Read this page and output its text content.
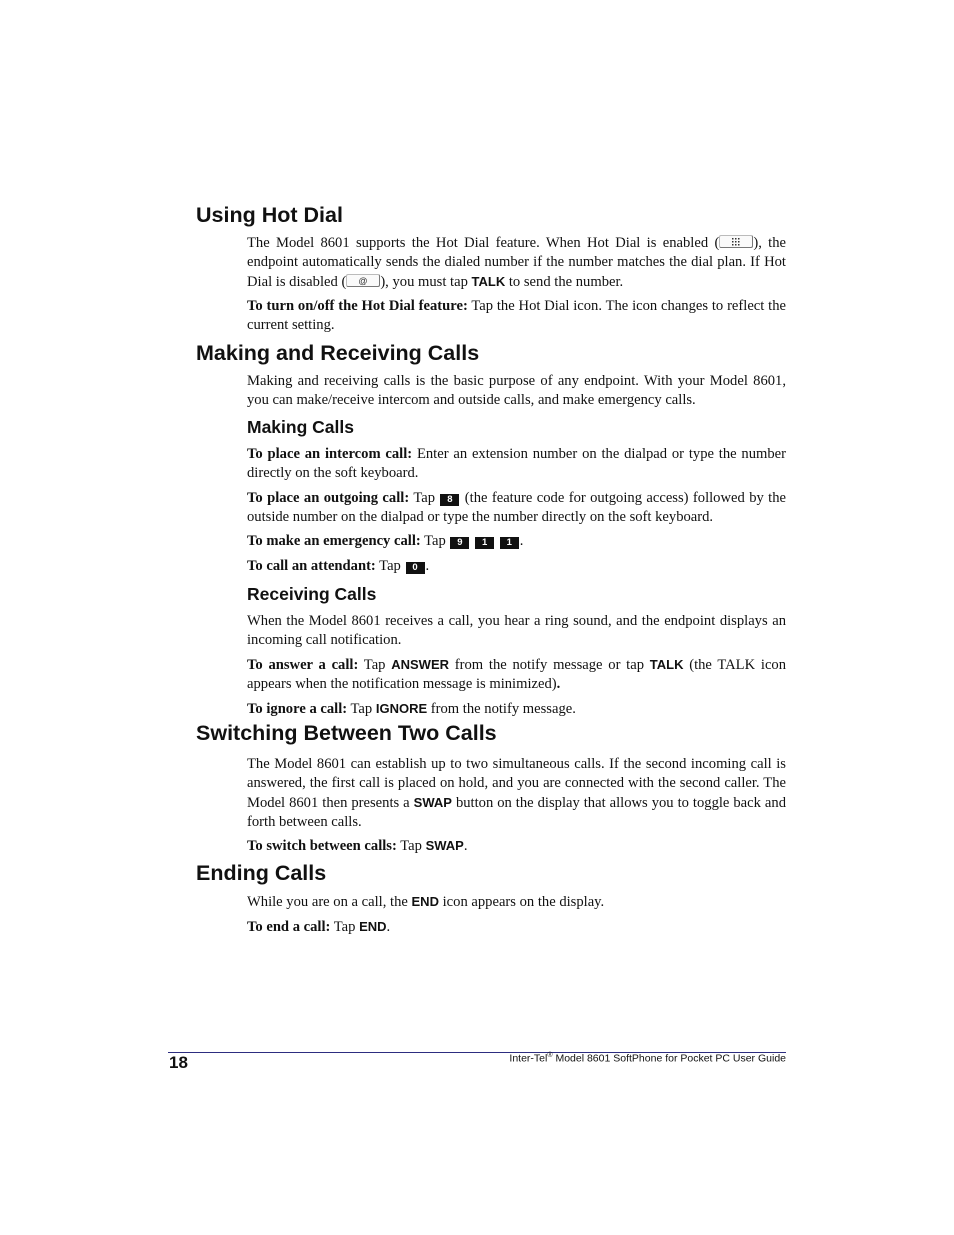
Using Hot Dial

The Model 8601 supports the Hot Dial feature. When Hot Dial is enabled ( ), the endpoint automatically sends the dialed number if the number matches the dial plan. If Hot Dial is disabled ( @ ), you must tap TALK to send the number.

To turn on/off the Hot Dial feature: Tap the Hot Dial icon. The icon changes to reflect the current setting.

Making and Receiving Calls

Making and receiving calls is the basic purpose of any endpoint. With your Model 8601, you can make/receive intercom and outside calls, and make emergency calls.

Making Calls

To place an intercom call: Enter an extension number on the dialpad or type the number directly on the soft keyboard.

To place an outgoing call: Tap 8 (the feature code for outgoing access) followed by the outside number on the dialpad or type the number directly on the soft keyboard.

To make an emergency call: Tap 9 1 1 .

To call an attendant: Tap 0 .

Receiving Calls

When the Model 8601 receives a call, you hear a ring sound, and the endpoint displays an incoming call notification.

To answer a call: Tap ANSWER from the notify message or tap TALK (the TALK icon appears when the notification message is minimized).

To ignore a call: Tap IGNORE from the notify message.

Switching Between Two Calls

The Model 8601 can establish up to two simultaneous calls. If the second incoming call is answered, the first call is placed on hold, and you are connected with the second caller. The Model 8601 then presents a SWAP button on the display that allows you to toggle back and forth between calls.

To switch between calls: Tap SWAP.

Ending Calls

While you are on a call, the END icon appears on the display.

To end a call: Tap END.

18	Inter-Tel® Model 8601 SoftPhone for Pocket PC User Guide
